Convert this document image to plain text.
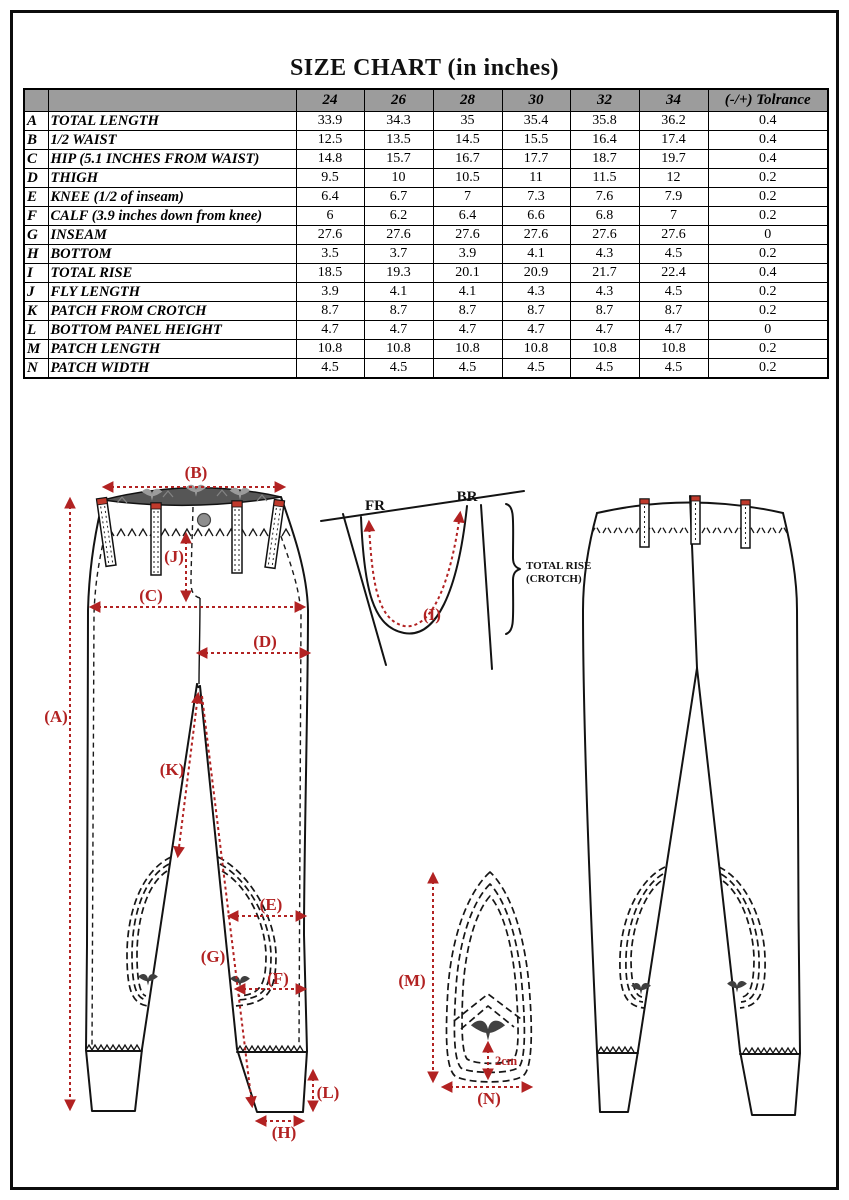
SIZE CHART (in inches)
		24	26	28	30	32	34	(-/+) Tolrance
A	TOTAL LENGTH	33.9	34.3	35	35.4	35.8	36.2	0.4
B	1/2 WAIST	12.5	13.5	14.5	15.5	16.4	17.4	0.4
C	HIP (5.1 INCHES FROM WAIST)	14.8	15.7	16.7	17.7	18.7	19.7	0.4
D	THIGH	9.5	10	10.5	11	11.5	12	0.2
E	KNEE (1/2 of inseam)	6.4	6.7	7	7.3	7.6	7.9	0.2
F	CALF (3.9 inches down from knee)	6	6.2	6.4	6.6	6.8	7	0.2
G	INSEAM	27.6	27.6	27.6	27.6	27.6	27.6	0
H	BOTTOM	3.5	3.7	3.9	4.1	4.3	4.5	0.2
I	TOTAL RISE	18.5	19.3	20.1	20.9	21.7	22.4	0.4
J	FLY LENGTH	3.9	4.1	4.1	4.3	4.3	4.5	0.2
K	PATCH FROM CROTCH	8.7	8.7	8.7	8.7	8.7	8.7	0.2
L	BOTTOM PANEL HEIGHT	4.7	4.7	4.7	4.7	4.7	4.7	0
M	PATCH LENGTH	10.8	10.8	10.8	10.8	10.8	10.8	0.2
N	PATCH WIDTH	4.5	4.5	4.5	4.5	4.5	4.5	0.2
(A)
(B)
(C)
(D)
(E)
(F)
(G)
(H)
(J)
(K)
(L)
FR
BR
TOTAL RISE
(CROTCH)
(I)
(M)
2cm
(N)
